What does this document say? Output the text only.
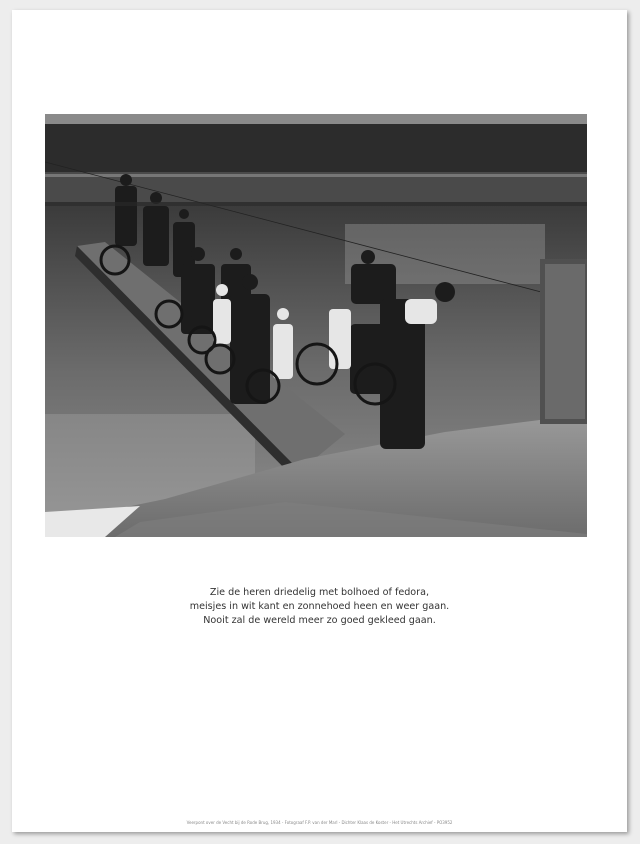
Zie de heren driedelig met bolhoed of fedora,
meisjes in wit kant en zonnehoed heen en weer gaan.
Nooit zal de wereld meer zo goed gekleed gaan.
Veerpont over de Vecht bij de Rode Brug, 1934 - Fotograaf F.P. van der Marl - Dichter Klaas de Koster - Het Utrechts Archief - PO3952
